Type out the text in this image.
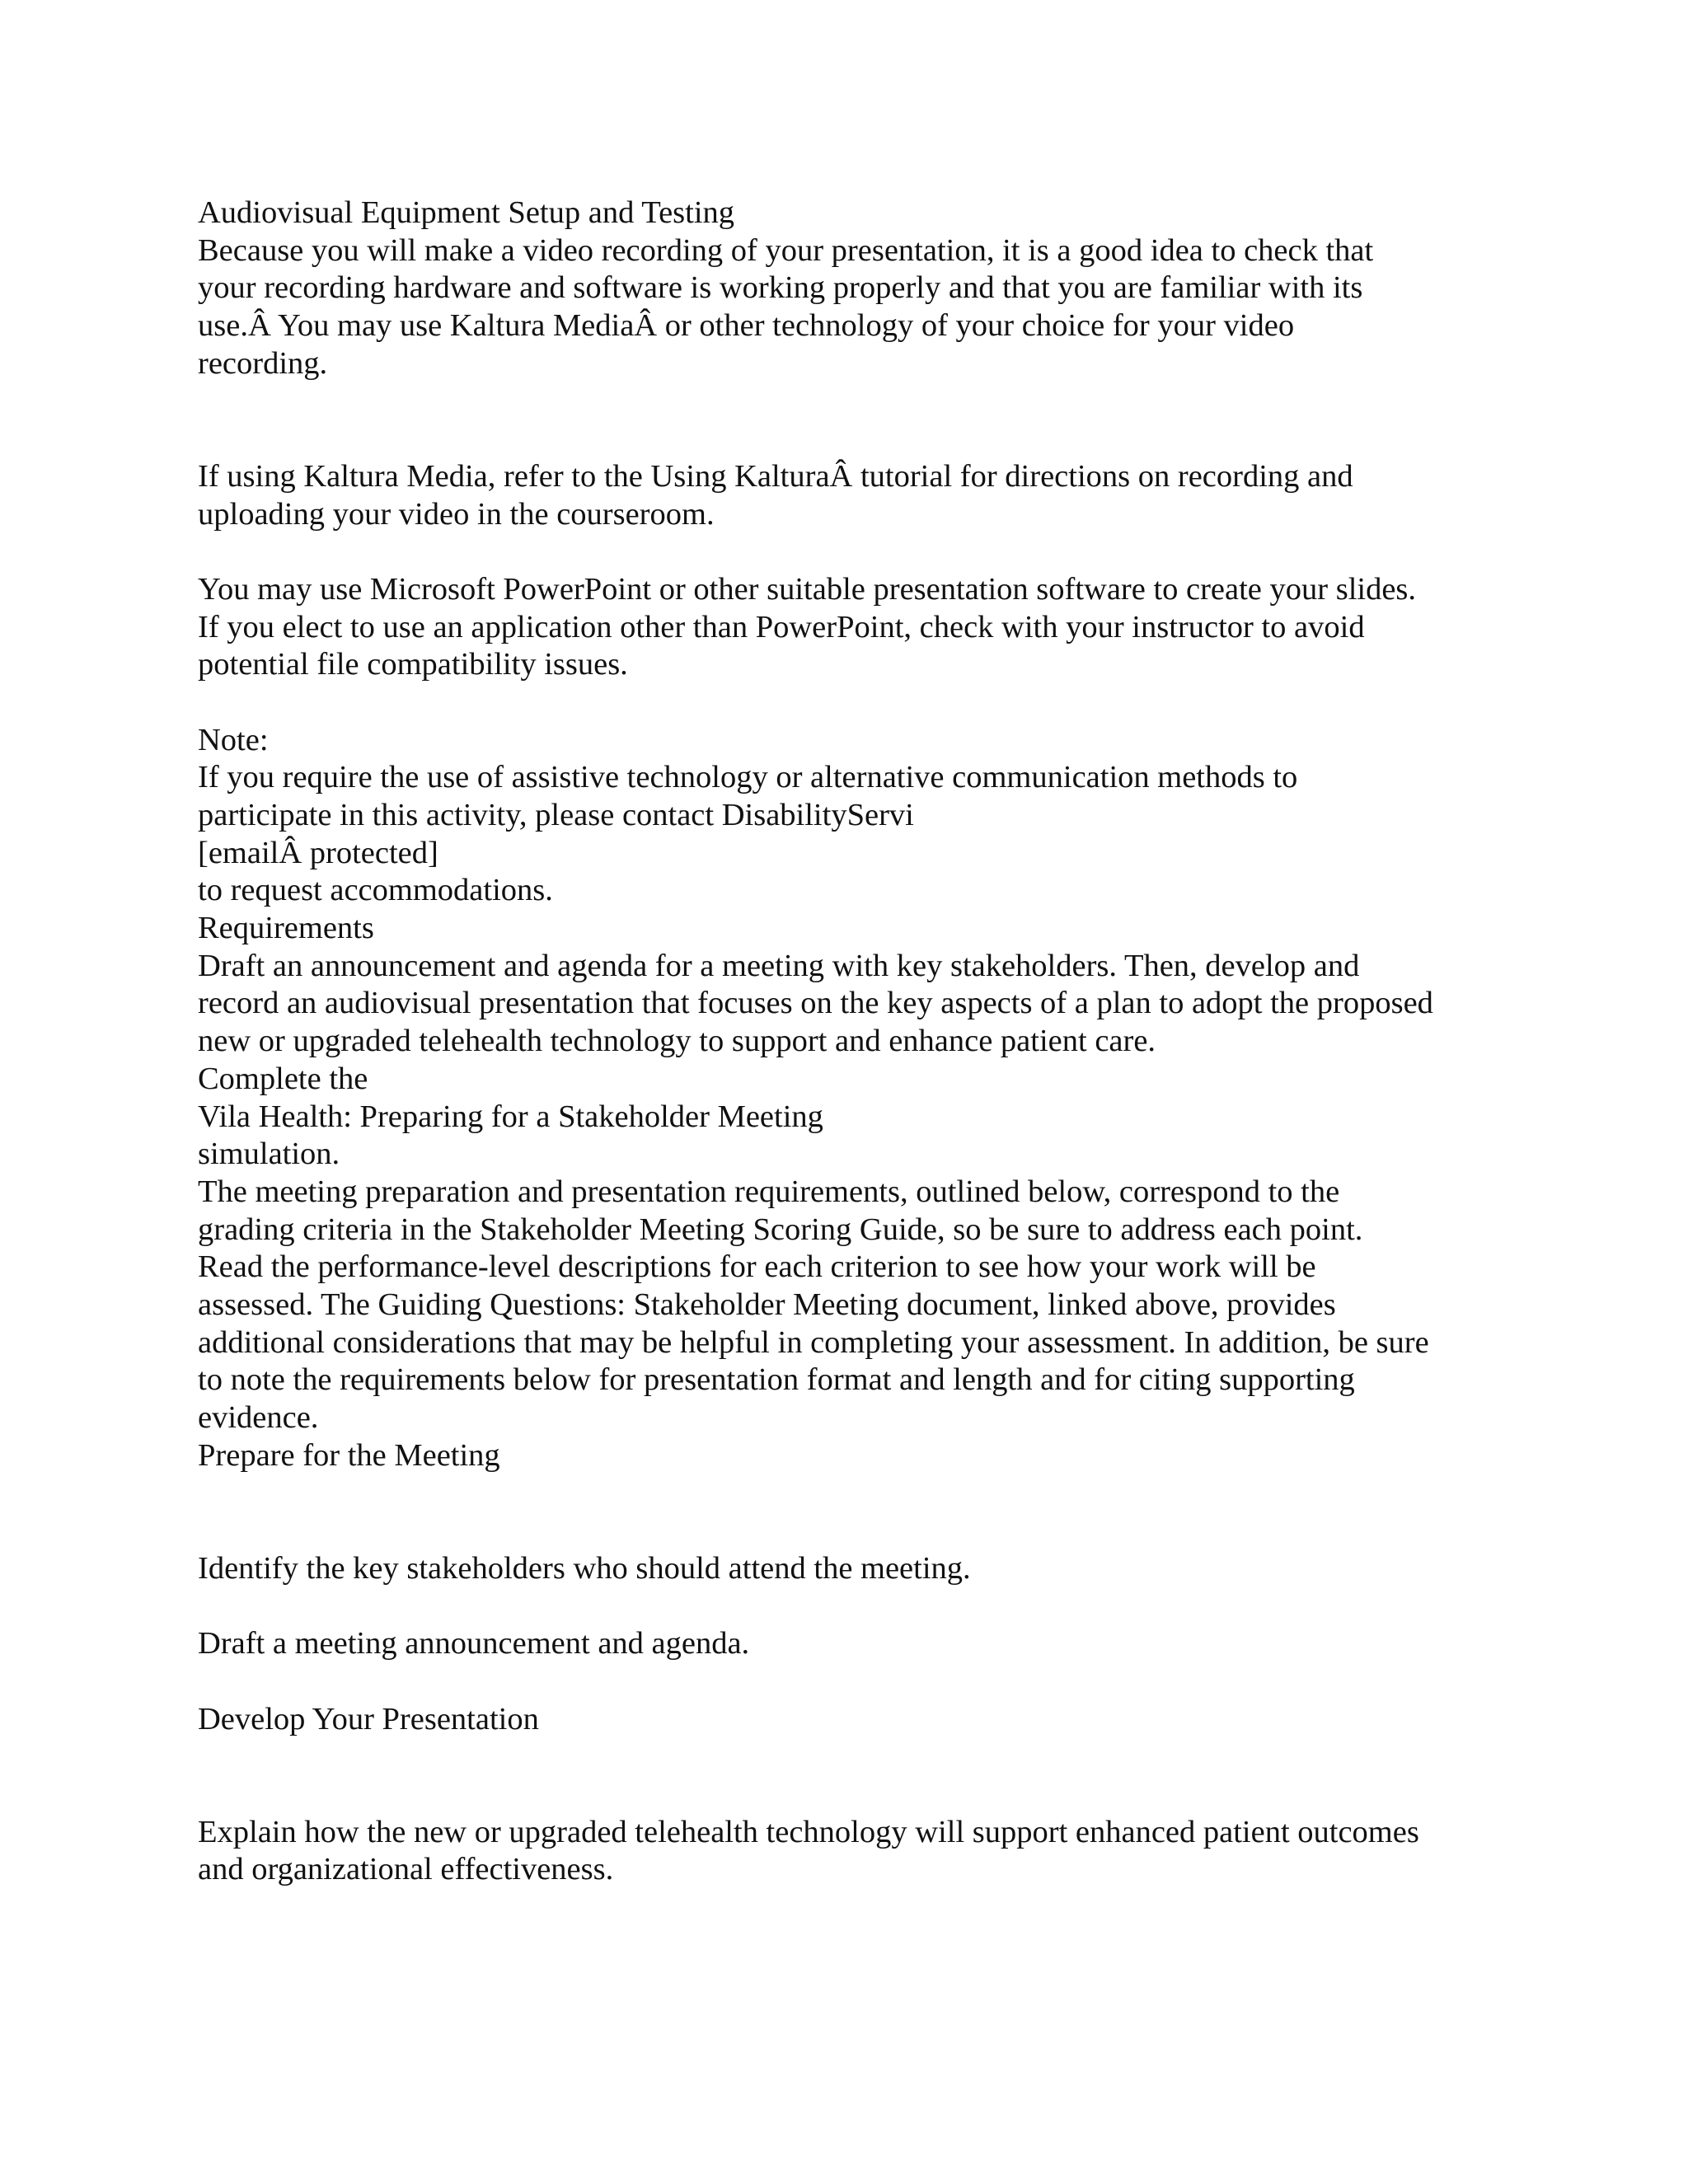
Audiovisual Equipment Setup and Testing
Because you will make a video recording of your presentation, it is a good idea to check that
your recording hardware and software is working properly and that you are familiar with its
use.Â You may use Kaltura MediaÂ or other technology of your choice for your video
recording.
If using Kaltura Media, refer to the Using KalturaÂ tutorial for directions on recording and
uploading your video in the courseroom.
You may use Microsoft PowerPoint or other suitable presentation software to create your slides.
If you elect to use an application other than PowerPoint, check with your instructor to avoid
potential file compatibility issues.
Note:
If you require the use of assistive technology or alternative communication methods to
participate in this activity, please contact DisabilityServi
[emailÂ protected]
to request accommodations.
Requirements
Draft an announcement and agenda for a meeting with key stakeholders. Then, develop and
record an audiovisual presentation that focuses on the key aspects of a plan to adopt the proposed
new or upgraded telehealth technology to support and enhance patient care.
Complete the
Vila Health: Preparing for a Stakeholder Meeting
simulation.
The meeting preparation and presentation requirements, outlined below, correspond to the
grading criteria in the Stakeholder Meeting Scoring Guide, so be sure to address each point.
Read the performance-level descriptions for each criterion to see how your work will be
assessed. The Guiding Questions: Stakeholder Meeting document, linked above, provides
additional considerations that may be helpful in completing your assessment. In addition, be sure
to note the requirements below for presentation format and length and for citing supporting
evidence.
Prepare for the Meeting
Identify the key stakeholders who should attend the meeting.
Draft a meeting announcement and agenda.
Develop Your Presentation
Explain how the new or upgraded telehealth technology will support enhanced patient outcomes
and organizational effectiveness.
